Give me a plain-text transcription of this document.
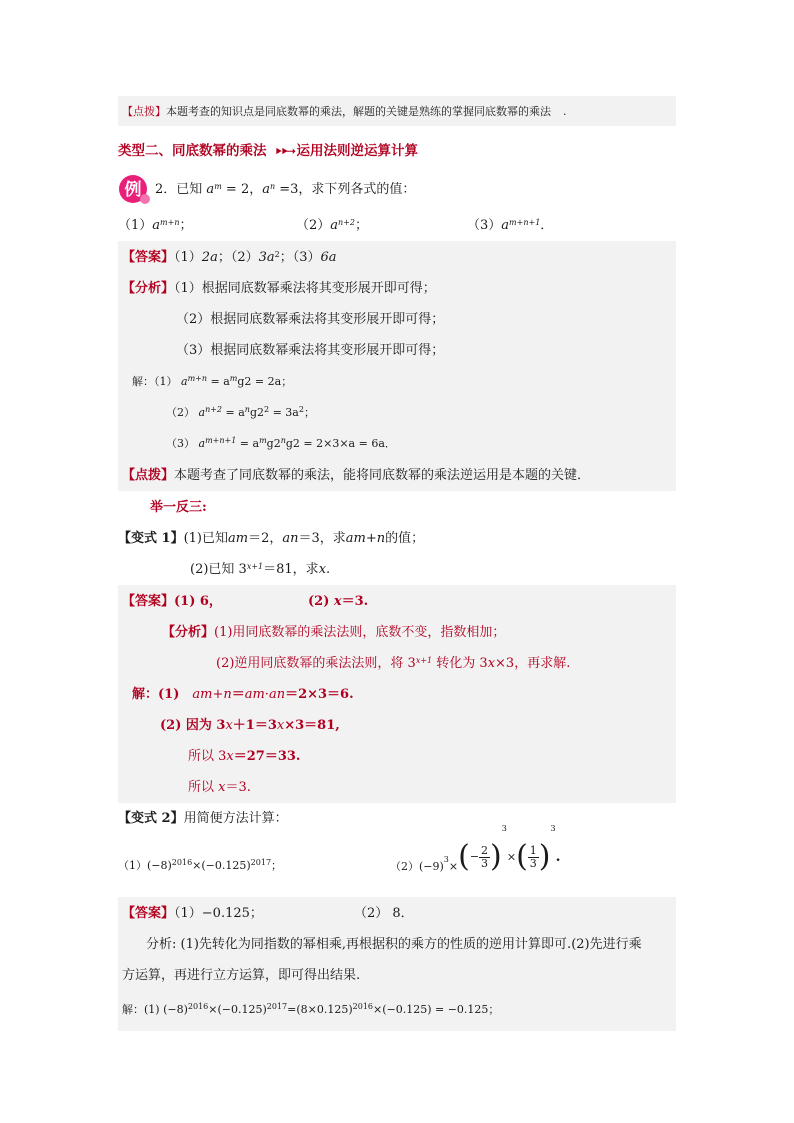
【点拨】本题考查的知识点是同底数幂的乘法，解题的关键是熟练的掌握同底数幂的乘法 .
类型二、同底数幂的乘法 ⯈⯈➝ 运用法则逆运算计算
例 2．已知 $a^m = 2$，$a^n =3$，求下列各式的值：
$(1)a^{m+n}$；	$(2)a^{n+2}$；	$(3)a^{m+n+1}$．
【答案】（1）2a；$(2)3a^2$；（3）6a
【分析】（1）根据同底数幂乘法将其变形展开即可得；
（2）根据同底数幂乘法将其变形展开即可得；
（3）根据同底数幂乘法将其变形展开即可得；
解：（1） $a^{m+n} = a^mg2 = 2a$；
（2） $a^{n+2} = a^ng2^2 = 3a^2$；
（3） $a^{m+n+1} = a^mg2^ng2 = 2\times 3\times a = 6a$．
【点拨】本题考查了同底数幂的乘法，能将同底数幂的乘法逆运用是本题的关键．
举一反三:
【变式 1】(1)已知am＝2，an＝3，求am+n的值；
(2)已知 $3^{x+1}=81$，求x.
【答案】(1) 6，	(2) x＝3.
【分析】(1)用同底数幂的乘法法则，底数不变，指数相加；
(2)逆用同底数幂的乘法法则，将 $3^{x+1}$ 转化为 3x×3，再求解.
解：(1)　am+n＝am·an＝2×3＝6.
(2) 因为 3x＋1＝3x×3＝81,
所以 3x＝27＝33.
所以 x＝3.
【变式 2】用简便方法计算：
$(1)(-8)^{2016}\times(-0.125)^{2017}$；	$(2)(-9)^3\times(- \frac{2}{3} )^3\times( \frac{1}{3} )^3$.
【答案】（1）−0.125；	（2） 8．
分析: (1)先转化为同指数的幂相乘,再根据积的乘方的性质的逆用计算即可.(2)先进行乘
方运算，再进行立方运算，即可得出结果.
解：(1) $(-8)^{2016}\times(-0.125)^{2017}=(8\times 0.125)^{2016}\times(-0.125) = -0.125$；
